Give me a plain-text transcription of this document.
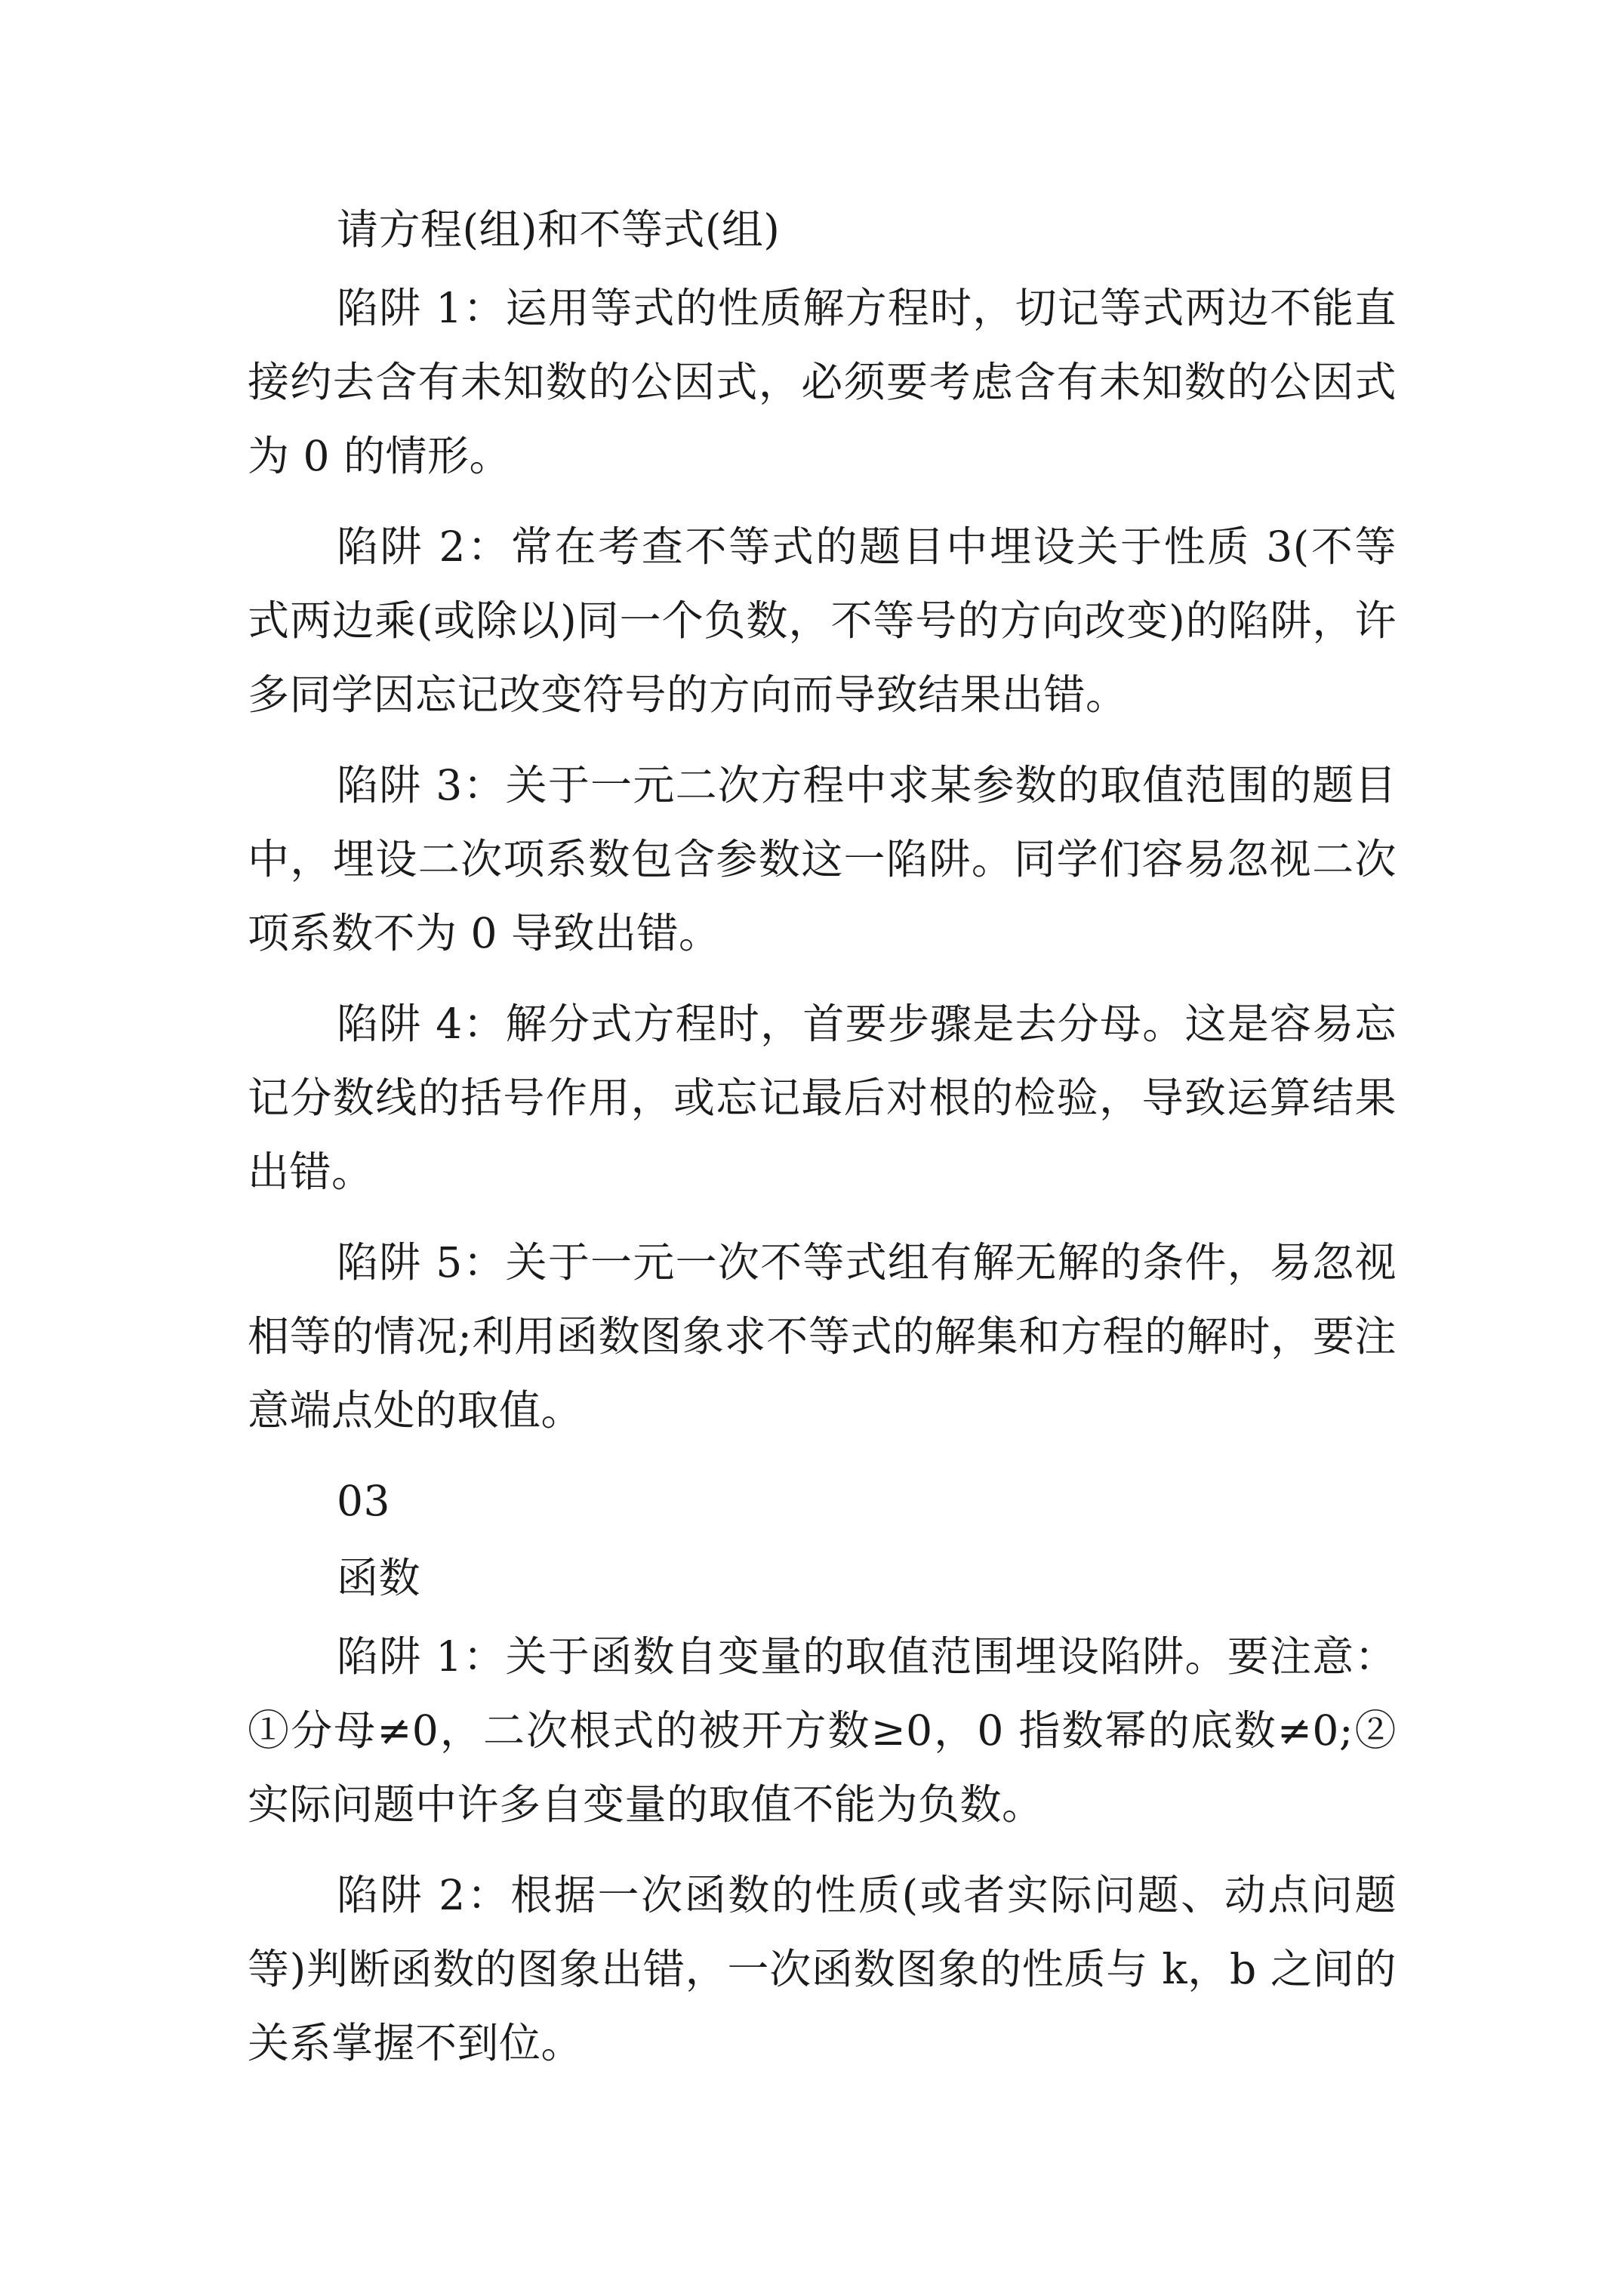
请方程(组)和不等式(组)

陷阱 1：运用等式的性质解方程时，切记等式两边不能直接约去含有未知数的公因式，必须要考虑含有未知数的公因式为 0 的情形。

陷阱 2：常在考查不等式的题目中埋设关于性质 3(不等式两边乘(或除以)同一个负数，不等号的方向改变)的陷阱，许多同学因忘记改变符号的方向而导致结果出错。

陷阱 3：关于一元二次方程中求某参数的取值范围的题目中，埋设二次项系数包含参数这一陷阱。同学们容易忽视二次项系数不为 0 导致出错。

陷阱 4：解分式方程时，首要步骤是去分母。这是容易忘记分数线的括号作用，或忘记最后对根的检验，导致运算结果出错。

陷阱 5：关于一元一次不等式组有解无解的条件，易忽视相等的情况;利用函数图象求不等式的解集和方程的解时，要注意端点处的取值。

03

函数

陷阱 1：关于函数自变量的取值范围埋设陷阱。要注意：①分母≠0，二次根式的被开方数≥0，0 指数幂的底数≠0;②实际问题中许多自变量的取值不能为负数。

陷阱 2：根据一次函数的性质(或者实际问题、动点问题等)判断函数的图象出错，一次函数图象的性质与 k，b 之间的关系掌握不到位。
